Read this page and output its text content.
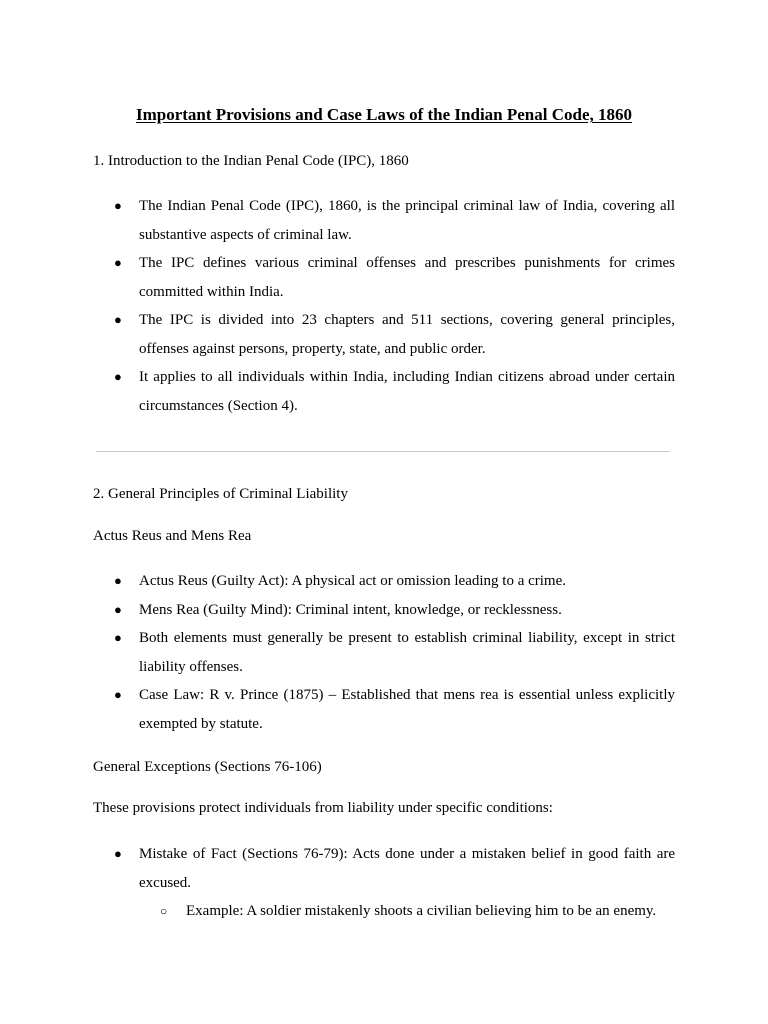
Important Provisions and Case Laws of the Indian Penal Code, 1860

1. Introduction to the Indian Penal Code (IPC), 1860

● The Indian Penal Code (IPC), 1860, is the principal criminal law of India, covering all substantive aspects of criminal law.
● The IPC defines various criminal offenses and prescribes punishments for crimes committed within India.
● The IPC is divided into 23 chapters and 511 sections, covering general principles, offenses against persons, property, state, and public order.
● It applies to all individuals within India, including Indian citizens abroad under certain circumstances (Section 4).

2. General Principles of Criminal Liability

Actus Reus and Mens Rea

● Actus Reus (Guilty Act): A physical act or omission leading to a crime.
● Mens Rea (Guilty Mind): Criminal intent, knowledge, or recklessness.
● Both elements must generally be present to establish criminal liability, except in strict liability offenses.
● Case Law: R v. Prince (1875) – Established that mens rea is essential unless explicitly exempted by statute.

General Exceptions (Sections 76-106)

These provisions protect individuals from liability under specific conditions:

● Mistake of Fact (Sections 76-79): Acts done under a mistaken belief in good faith are excused.
○ Example: A soldier mistakenly shoots a civilian believing him to be an enemy.
